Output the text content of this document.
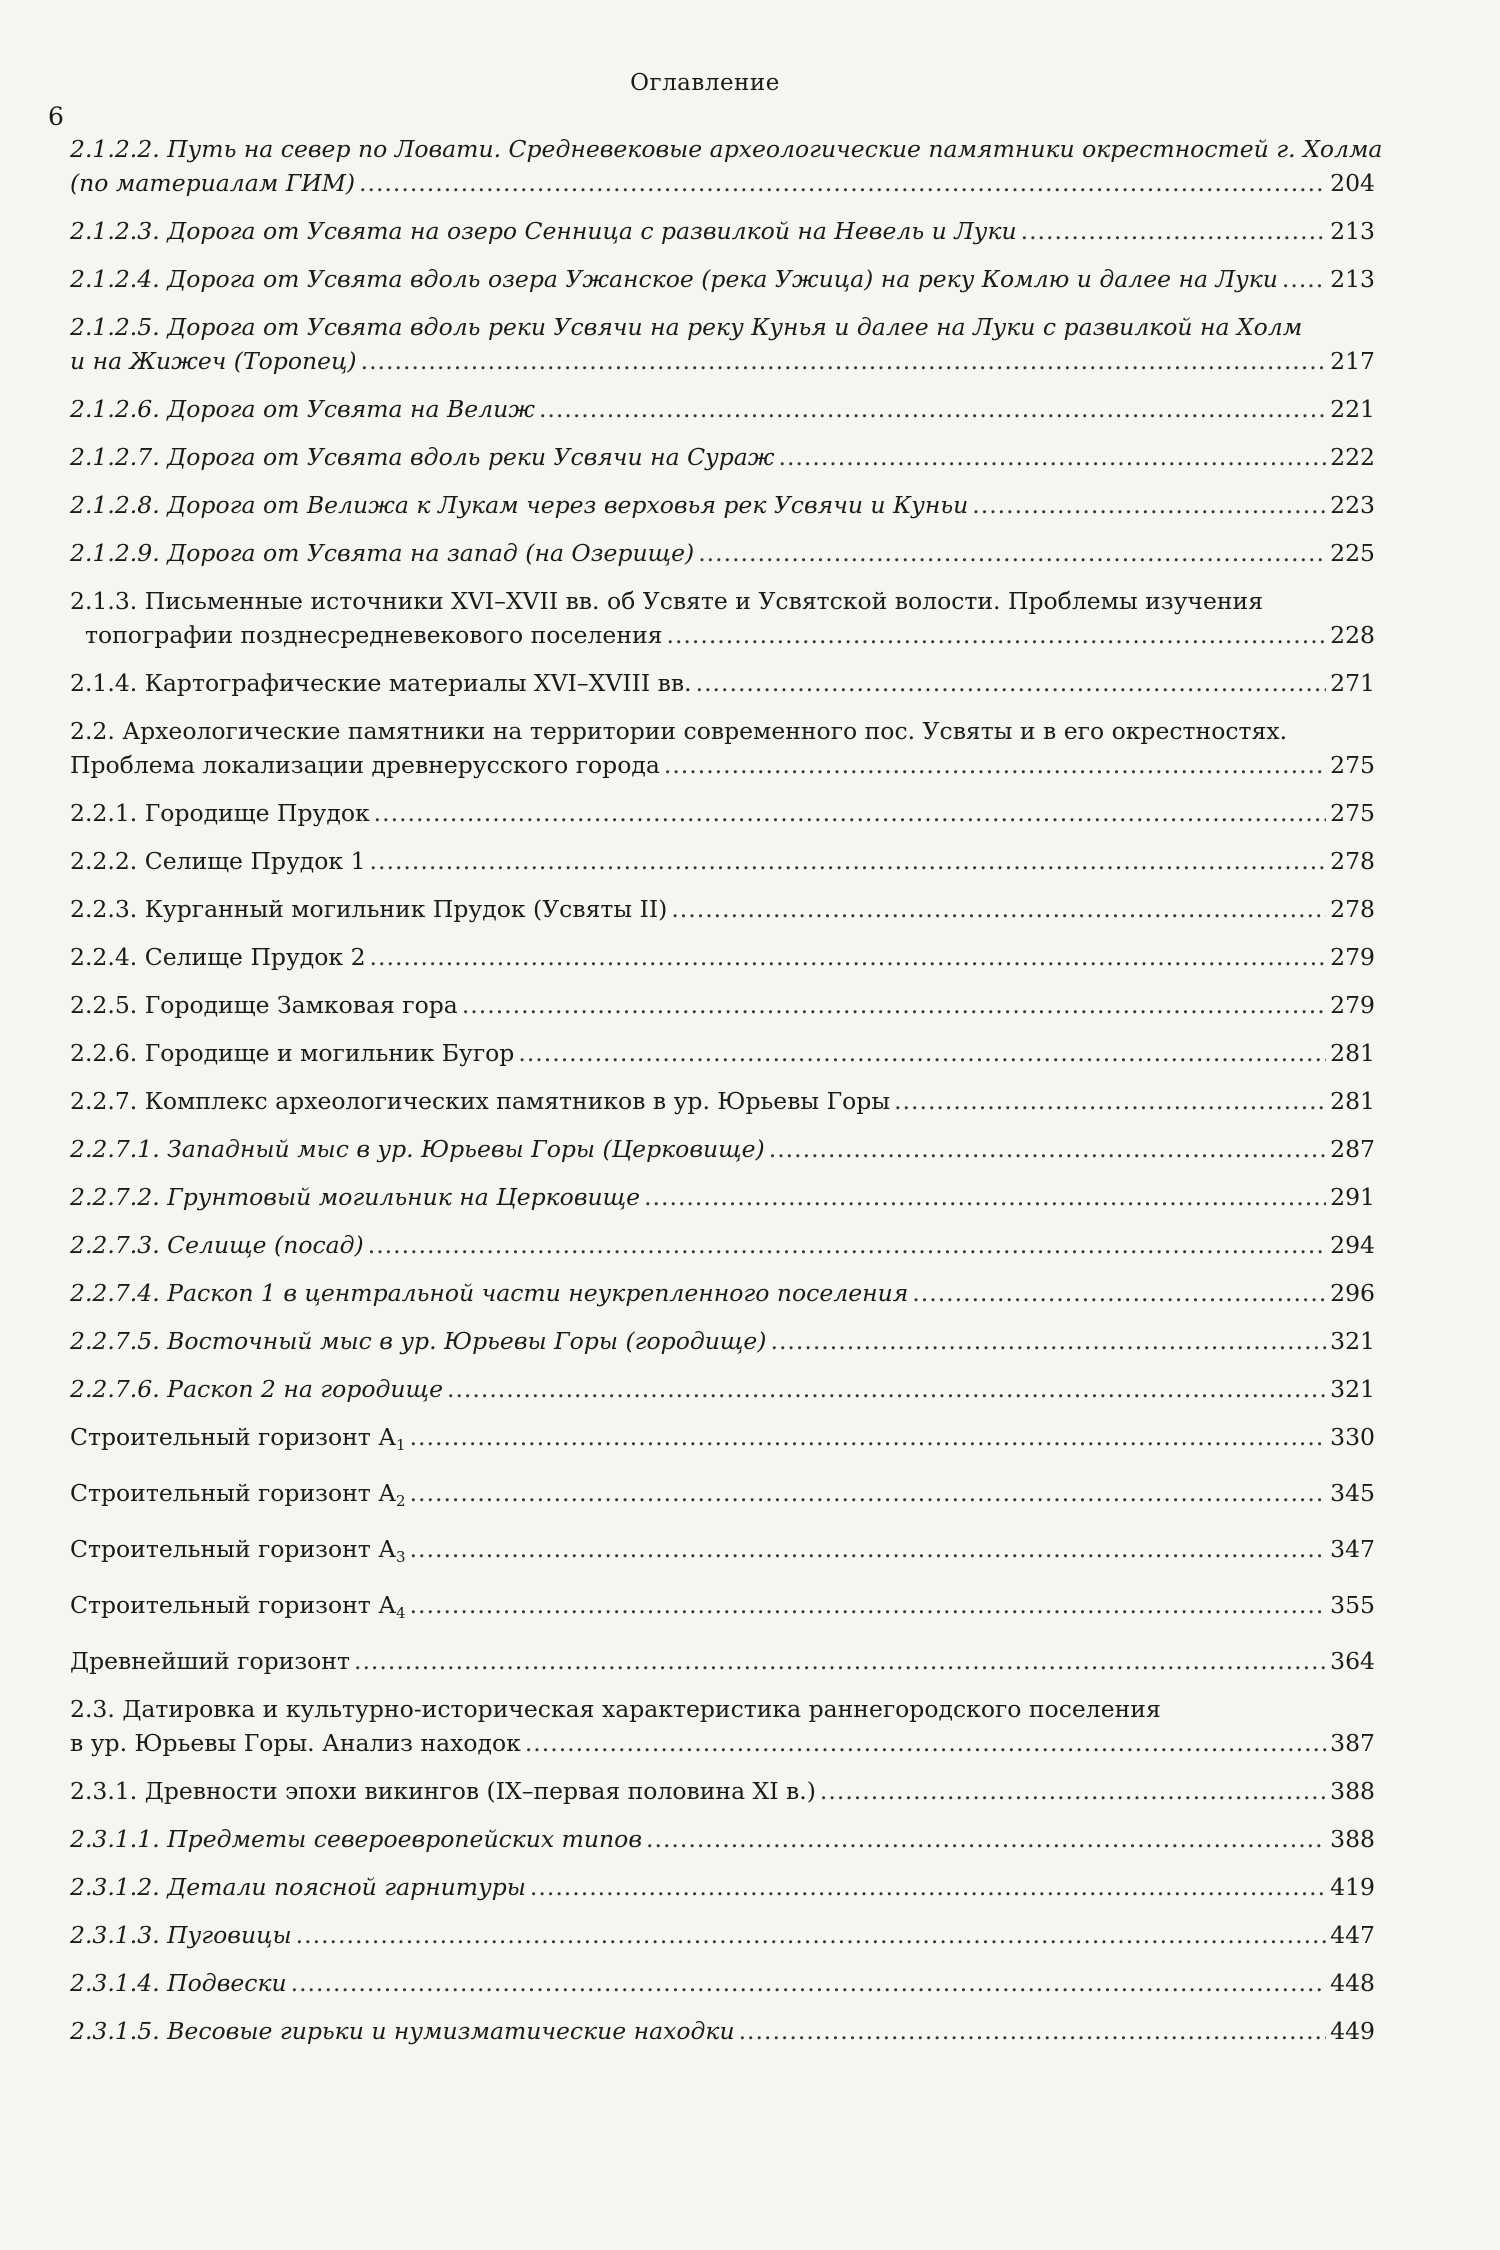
Оглавление
6
2.1.2.2. Путь на север по Ловати. Средневековые археологические памятники окрестностей г. Холма
(по материалам ГИМ) .....	204
2.1.2.3. Дорога от Усвята на озеро Сенница с развилкой на Невель и Луки .....	213
2.1.2.4. Дорога от Усвята вдоль озера Ужанское (река Ужица) на реку Комлю и далее на Луки ..... 213
2.1.2.5. Дорога от Усвята вдоль реки Усвячи на реку Кунья и далее на Луки с развилкой на Холм
и на Жижеч (Торопец) .....	217
2.1.2.6. Дорога от Усвята на Велиж .....	221
2.1.2.7. Дорога от Усвята вдоль реки Усвячи на Сураж .....	222
2.1.2.8. Дорога от Велижа к Лукам через верховья рек Усвячи и Куньи .....	223
2.1.2.9. Дорога от Усвята на запад (на Озерище) .....	225
2.1.3. Письменные источники XVI–XVII вв. об Усвяте и Усвятской волости. Проблемы изучения
топографии позднесредневекового поселения .....	228
2.1.4. Картографические материалы XVI–XVIII вв. .....	271
2.2. Археологические памятники на территории современного пос. Усвяты и в его окрестностях.
Проблема локализации древнерусского города .....	275
2.2.1. Городище Прудок .....	275
2.2.2. Селище Прудок 1 .....	278
2.2.3. Курганный могильник Прудок (Усвяты II) .....	278
2.2.4. Селище Прудок 2 .....	279
2.2.5. Городище Замковая гора .....	279
2.2.6. Городище и могильник Бугор .....	281
2.2.7. Комплекс археологических памятников в ур. Юрьевы Горы .....	281
2.2.7.1. Западный мыс в ур. Юрьевы Горы (Церковище) .....	287
2.2.7.2. Грунтовый могильник на Церковище .....	291
2.2.7.3. Селище (посад) .....	294
2.2.7.4. Раскоп 1 в центральной части неукрепленного поселения .....	296
2.2.7.5. Восточный мыс в ур. Юрьевы Горы (городище) .....	321
2.2.7.6. Раскоп 2 на городище .....	321
Строительный горизонт $А_1$ .....	330
Строительный горизонт $А_2$ .....	345
Строительный горизонт $А_3$ .....	347
Строительный горизонт $А_4$ .....	355
Древнейший горизонт .....	364
2.3. Датировка и культурно-историческая характеристика раннегородского поселения
в ур. Юрьевы Горы. Анализ находок .....	387
2.3.1. Древности эпохи викингов (IX–первая половина XI в.) .....	388
2.3.1.1. Предметы североевропейских типов .....	388
2.3.1.2. Детали поясной гарнитуры .....	419
2.3.1.3. Пуговицы .....	447
2.3.1.4. Подвески .....	448
2.3.1.5. Весовые гирьки и нумизматические находки .....	449
